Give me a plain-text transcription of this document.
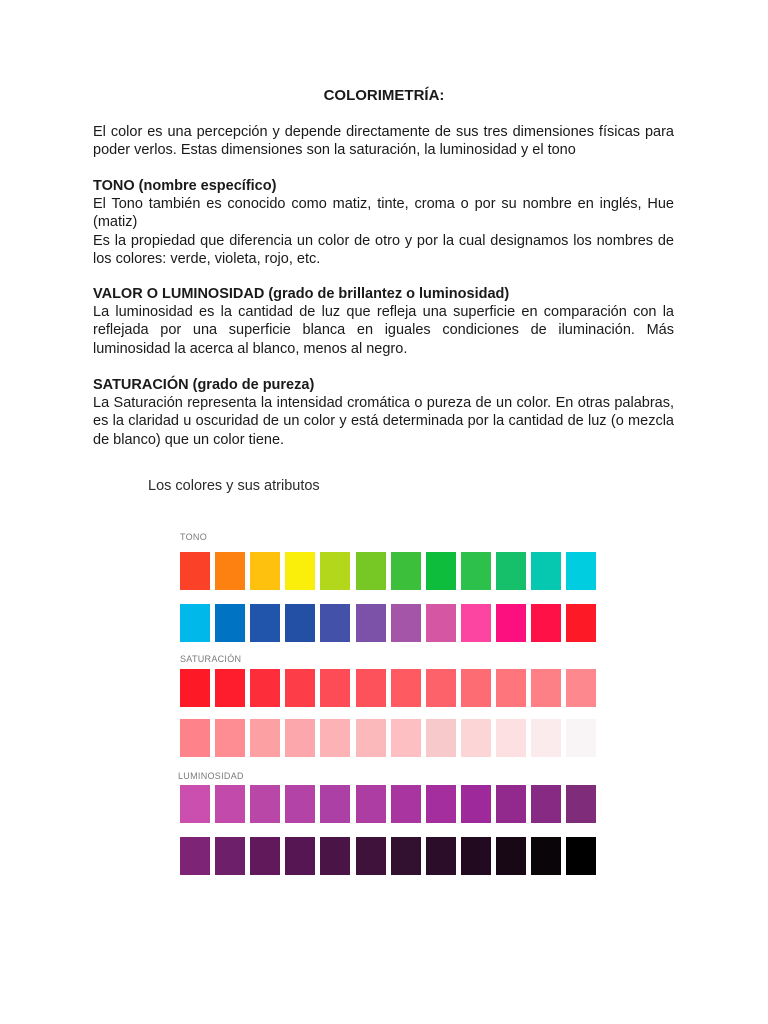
COLORIMETRÍA:

El color es una percepción y depende directamente de sus tres dimensiones físicas para poder verlos. Estas dimensiones son la saturación, la luminosidad y el tono

TONO (nombre específico)

El Tono también es conocido como matiz, tinte, croma o por su nombre en inglés, Hue (matiz)

Es la propiedad que diferencia un color de otro y por la cual designamos los nombres de los colores: verde, violeta, rojo, etc.

VALOR O LUMINOSIDAD (grado de brillantez o luminosidad)

La luminosidad es la cantidad de luz que refleja una superficie en comparación con la reflejada por una superficie blanca en iguales condiciones de iluminación. Más luminosidad la acerca al blanco, menos al negro.

SATURACIÓN (grado de pureza)

La Saturación representa la intensidad cromática o pureza de un color. En otras palabras, es la claridad u oscuridad de un color y está determinada por la cantidad de luz (o mezcla de blanco) que un color tiene.

Los colores y sus atributos
TONO
SATURACIÓN
LUMINOSIDAD
